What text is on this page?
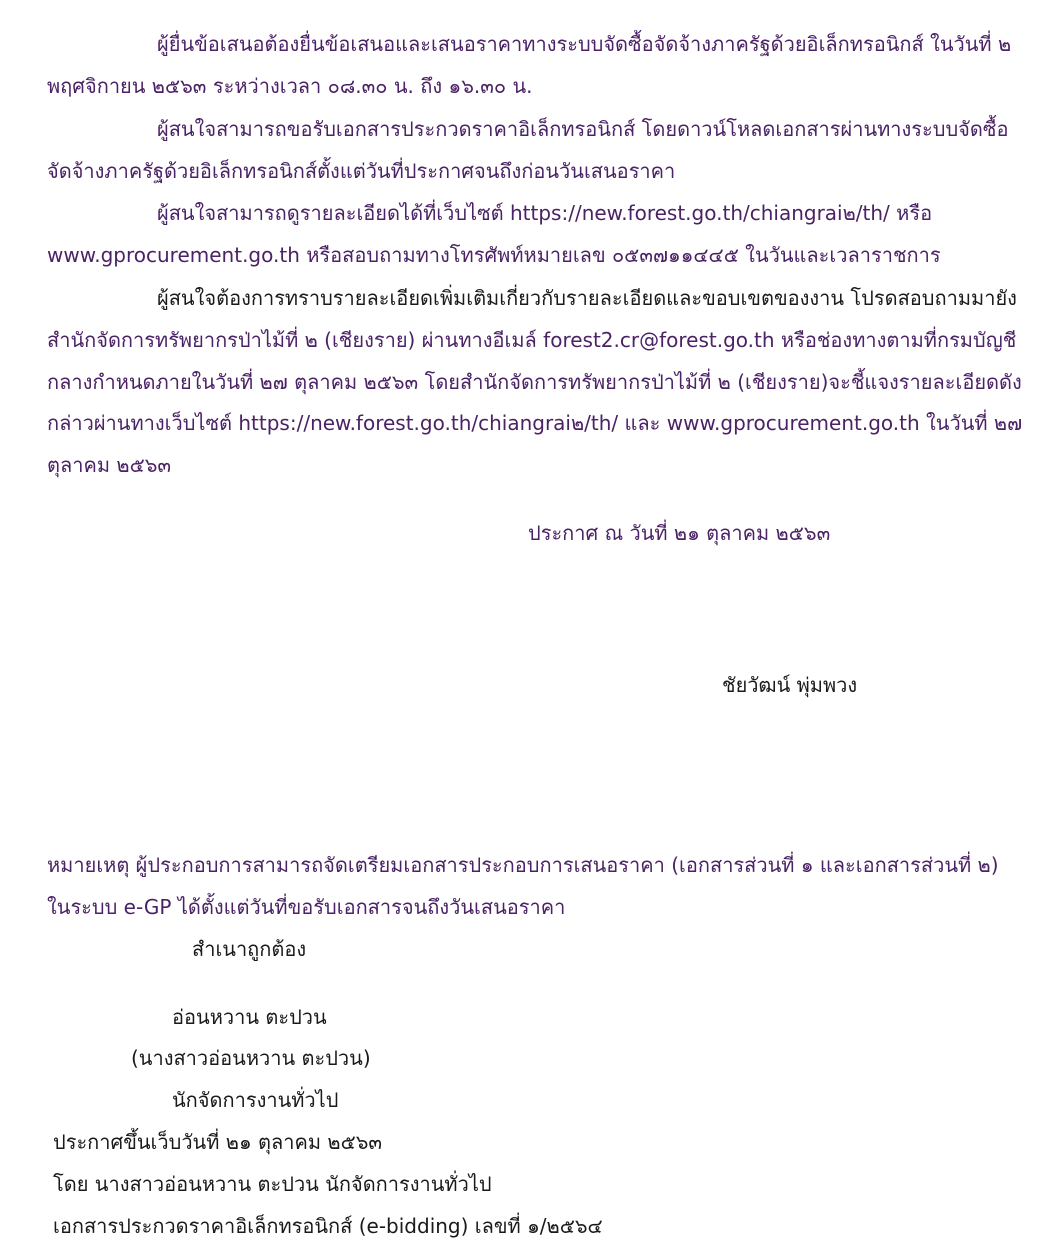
ผู้ยื่นข้อเสนอต้องยื่นข้อเสนอและเสนอราคาทางระบบจัดซื้อจัดจ้างภาครัฐด้วยอิเล็กทรอนิกส์ ในวันที่ ๒
พฤศจิกายน ๒๕๖๓ ระหว่างเวลา ๐๘.๓๐ น. ถึง ๑๖.๓๐ น.
ผู้สนใจสามารถขอรับเอกสารประกวดราคาอิเล็กทรอนิกส์ โดยดาวน์โหลดเอกสารผ่านทางระบบจัดซื้อ
จัดจ้างภาครัฐด้วยอิเล็กทรอนิกส์ตั้งแต่วันที่ประกาศจนถึงก่อนวันเสนอราคา
ผู้สนใจสามารถดูรายละเอียดได้ที่เว็บไซต์ https://new.forest.go.th/chiangrai๒/th/ หรือ
www.gprocurement.go.th หรือสอบถามทางโทรศัพท์หมายเลข ๐๕๓๗๑๑๔๔๕ ในวันและเวลาราชการ
ผู้สนใจต้องการทราบรายละเอียดเพิ่มเติมเกี่ยวกับรายละเอียดและขอบเขตของงาน โปรดสอบถามมายัง
สำนักจัดการทรัพยากรป่าไม้ที่ ๒ (เชียงราย) ผ่านทางอีเมล์ forest2.cr@forest.go.th หรือช่องทางตามที่กรมบัญชี
กลางกำหนดภายในวันที่ ๒๗ ตุลาคม ๒๕๖๓ โดยสำนักจัดการทรัพยากรป่าไม้ที่ ๒ (เชียงราย)จะชี้แจงรายละเอียดดัง
กล่าวผ่านทางเว็บไซต์ https://new.forest.go.th/chiangrai๒/th/ และ www.gprocurement.go.th ในวันที่ ๒๗
ตุลาคม ๒๕๖๓
ประกาศ ณ วันที่ ๒๑ ตุลาคม ๒๕๖๓
ชัยวัฒน์ พุ่มพวง
หมายเหตุ ผู้ประกอบการสามารถจัดเตรียมเอกสารประกอบการเสนอราคา (เอกสารส่วนที่ ๑ และเอกสารส่วนที่ ๒)
ในระบบ e-GP ได้ตั้งแต่วันที่ขอรับเอกสารจนถึงวันเสนอราคา
สำเนาถูกต้อง
อ่อนหวาน ตะปวน
(นางสาวอ่อนหวาน ตะปวน)
นักจัดการงานทั่วไป
ประกาศขึ้นเว็บวันที่ ๒๑ ตุลาคม ๒๕๖๓
โดย นางสาวอ่อนหวาน ตะปวน นักจัดการงานทั่วไป
เอกสารประกวดราคาอิเล็กทรอนิกส์ (e-bidding) เลขที่ ๑/๒๕๖๔
